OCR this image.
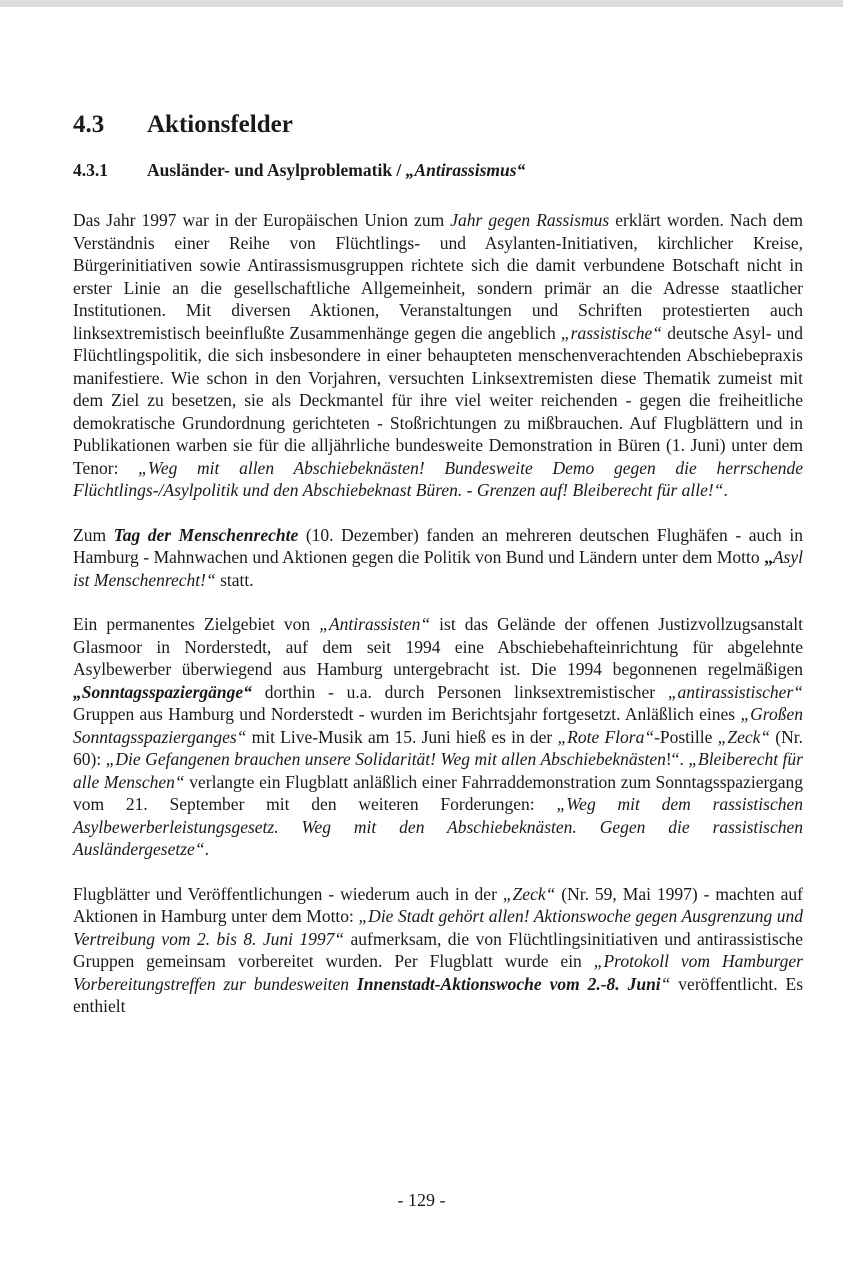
4.3 Aktionsfelder
4.3.1 Ausländer- und Asylproblematik / „Antirassismus“

Das Jahr 1997 war in der Europäischen Union zum Jahr gegen Rassismus erklärt worden. Nach dem Verständnis einer Reihe von Flüchtlings- und Asylanten-Initiativen, kirchlicher Kreise, Bürgerinitiativen sowie Antirassismusgruppen richtete sich die damit verbundene Botschaft nicht in erster Linie an die gesellschaftliche Allgemeinheit, sondern primär an die Adresse staatlicher Institutionen. Mit diversen Aktionen, Veranstaltungen und Schriften protestierten auch linksextremistisch beeinflußte Zusammenhänge gegen die angeblich „rassistische“ deutsche Asyl- und Flüchtlingspolitik, die sich insbesondere in einer behaupteten menschenverachtenden Abschiebepraxis manifestiere. Wie schon in den Vorjahren, versuchten Linksextremisten diese Thematik zumeist mit dem Ziel zu besetzen, sie als Deckmantel für ihre viel weiter reichenden - gegen die freiheitliche demokratische Grundordnung gerichteten - Stoßrichtungen zu mißbrauchen. Auf Flugblättern und in Publikationen warben sie für die alljährliche bundesweite Demonstration in Büren (1. Juni) unter dem Tenor: „Weg mit allen Abschiebeknästen! Bundesweite Demo gegen die herrschende Flüchtlings-/Asylpolitik und den Abschiebeknast Büren. - Grenzen auf! Bleiberecht für alle!“.

Zum Tag der Menschenrechte (10. Dezember) fanden an mehreren deutschen Flughäfen - auch in Hamburg - Mahnwachen und Aktionen gegen die Politik von Bund und Ländern unter dem Motto „Asyl ist Menschenrecht!“ statt.

Ein permanentes Zielgebiet von „Antirassisten“ ist das Gelände der offenen Justizvollzugsanstalt Glasmoor in Norderstedt, auf dem seit 1994 eine Abschiebehafteinrichtung für abgelehnte Asylbewerber überwiegend aus Hamburg untergebracht ist. Die 1994 begonnenen regelmäßigen „Sonntagsspaziergänge“ dorthin - u.a. durch Personen linksextremistischer „antirassistischer“ Gruppen aus Hamburg und Norderstedt - wurden im Berichtsjahr fortgesetzt. Anläßlich eines „Großen Sonntagsspazierganges“ mit Live-Musik am 15. Juni hieß es in der „Rote Flora“-Postille „Zeck“ (Nr. 60): „Die Gefangenen brauchen unsere Solidarität! Weg mit allen Abschiebeknästen!“. „Bleiberecht für alle Menschen“ verlangte ein Flugblatt anläßlich einer Fahrraddemonstration zum Sonntagsspaziergang vom 21. September mit den weiteren Forderungen: „Weg mit dem rassistischen Asylbewerberleistungsgesetz. Weg mit den Abschiebeknästen. Gegen die rassistischen Ausländergesetze“.

Flugblätter und Veröffentlichungen - wiederum auch in der „Zeck“ (Nr. 59, Mai 1997) - machten auf Aktionen in Hamburg unter dem Motto: „Die Stadt gehört allen! Aktionswoche gegen Ausgrenzung und Vertreibung vom 2. bis 8. Juni 1997“ aufmerksam, die von Flüchtlingsinitiativen und antirassistische Gruppen gemeinsam vorbereitet wurden. Per Flugblatt wurde ein „Protokoll vom Hamburger Vorbereitungstreffen zur bundesweiten Innenstadt-Aktionswoche vom 2.-8. Juni“ veröffentlicht. Es enthielt

- 129 -
